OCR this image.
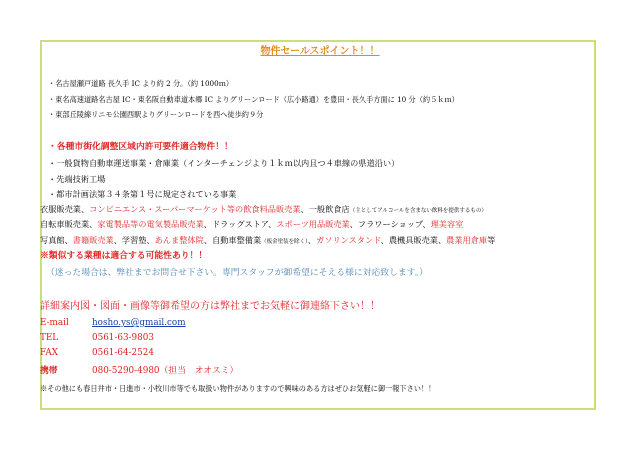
物件セールスポイント！！
・名古屋瀬戸道路 長久手 IC より約 2 分。（約 1000ｍ）
・東名高速道路名古屋 IC・東名阪自動車道本郷 IC よりグリーンロード（広小路通）を豊田・長久手方面に 10 分（約５ｋｍ）
・東部丘陵線リニモ公園西駅よりグリーンロードを西へ徒歩約９分
・各種市街化調整区域内許可要件適合物件！！
・一般貨物自動車運送事業・倉庫業（インターチェンジより１ｋｍ以内且つ４車線の県道沿い）
・先端技術工場
・都市計画法第３４条第１号に規定されている事業
衣服販売業、コンビニエンス・スーパーマーケット等の飲食料品販売業、一般飲食店（主としてアルコールを含まない飲料を提供するもの）
自転車販売業、家電製品等の電気製品販売業、ドラッグストア、スポーツ用品販売業、フラワーショップ、理美容室
写真館、書籍販売業、学習塾、あんま整体院、自動車整備業（板金塗装を除く）、ガソリンスタンド、農機具販売業、農業用倉庫等
※類似する業種は適合する可能性あり！！
（迷った場合は、弊社までお問合せ下さい。専門スタッフが御希望にそえる様に対応致します。）
詳細案内図・図面・画像等御希望の方は弊社までお気軽に御連絡下さい！！
E-mail	hosho.ys@gmail.com
TEL	0561-63-9803
FAX	0561-64-2524
携帯	080-5290-4980（担当　オオスミ）
※その他にも春日井市・日進市・小牧川市等でも取扱い物件がありますので興味のある方はぜひお気軽に御一報下さい！！
